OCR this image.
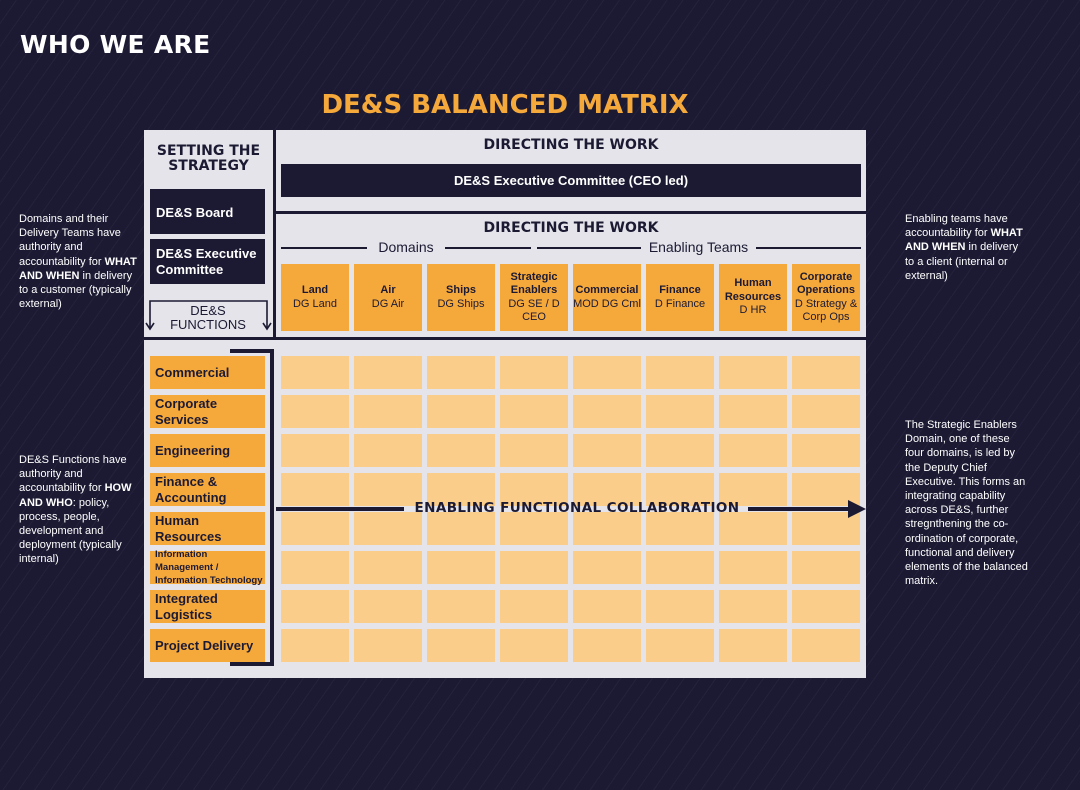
WHO WE ARE
DE&S BALANCED MATRIX
Domains and their Delivery Teams have authority and accountability for WHAT AND WHEN in delivery to a customer (typically external)
DE&S Functions have authority and accountability for HOW AND WHO: policy, process, people, development and deployment (typically internal)
Enabling teams have accountability for WHAT AND WHEN in delivery to a client (internal or external)
The Strategic Enablers Domain, one of these four domains, is led by the Deputy Chief Executive. This forms an integrating capability across DE&S, further stregnthening the co-ordination of corporate, functional and delivery elements of the balanced matrix.
SETTING THE STRATEGY
DE&S Board
DE&S Executive Committee
DE&S FUNCTIONS
DIRECTING THE WORK
DE&S Executive Committee (CEO led)
DIRECTING THE WORK
Domains	Enabling Teams
Land
DG Land
Air
DG Air
Ships
DG Ships
Strategic Enablers
DG SE / D CEO
Commercial
MOD DG Cml
Finance
D Finance
Human Resources
D HR
Corporate Operations
D Strategy & Corp Ops
Commercial
Corporate Services
Engineering
Finance & Accounting
Human Resources
Information Management / Information Technology
Integrated Logistics
Project Delivery
ENABLING FUNCTIONAL COLLABORATION
